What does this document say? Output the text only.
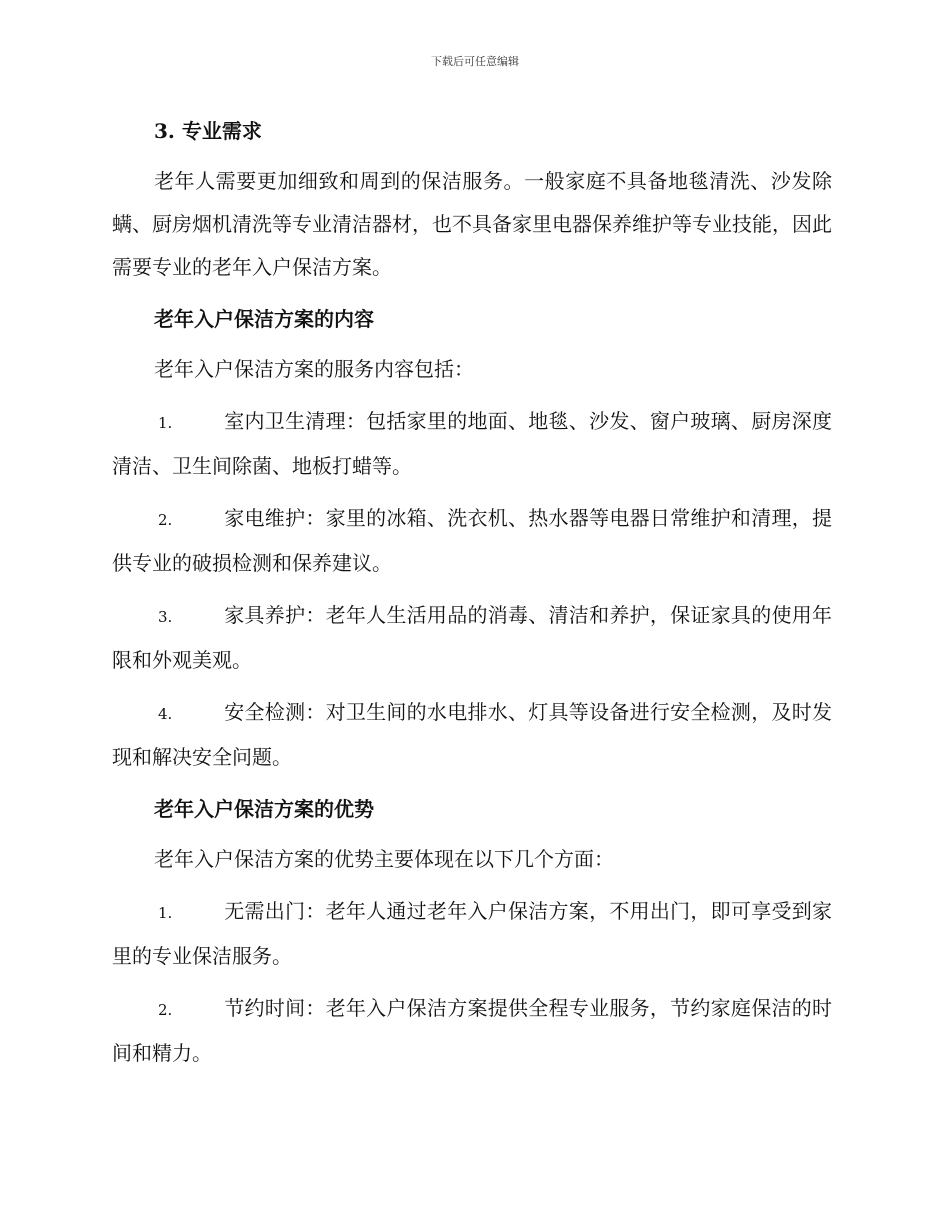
下载后可任意编辑
3. 专业需求

老年人需要更加细致和周到的保洁服务。一般家庭不具备地毯清洗、沙发除螨、厨房烟机清洗等专业清洁器材，也不具备家里电器保养维护等专业技能，因此需要专业的老年入户保洁方案。

老年入户保洁方案的内容

老年入户保洁方案的服务内容包括：

1.	室内卫生清理：包括家里的地面、地毯、沙发、窗户玻璃、厨房深度清洁、卫生间除菌、地板打蜡等。

2.	家电维护：家里的冰箱、洗衣机、热水器等电器日常维护和清理，提供专业的破损检测和保养建议。

3.	家具养护：老年人生活用品的消毒、清洁和养护，保证家具的使用年限和外观美观。

4.	安全检测：对卫生间的水电排水、灯具等设备进行安全检测，及时发现和解决安全问题。

老年入户保洁方案的优势

老年入户保洁方案的优势主要体现在以下几个方面：

1.	无需出门：老年人通过老年入户保洁方案，不用出门，即可享受到家里的专业保洁服务。

2.	节约时间：老年入户保洁方案提供全程专业服务，节约家庭保洁的时间和精力。
